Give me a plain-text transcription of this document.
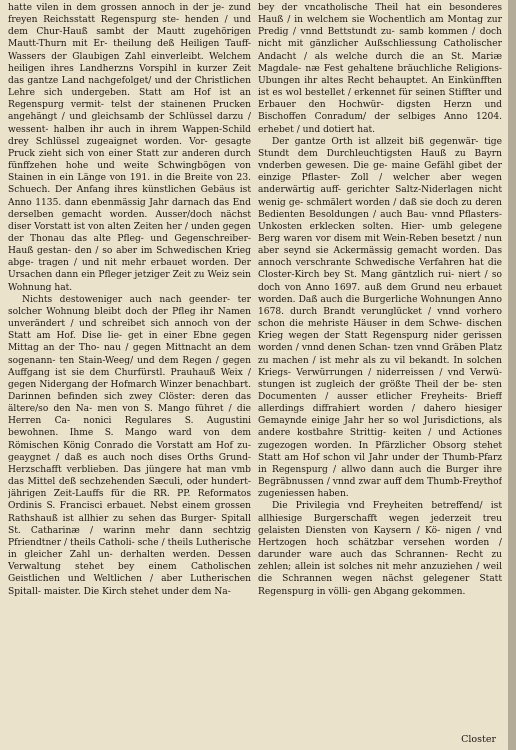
hatte vilen in dem grossen annoch in der je- zund freyen Reichsstatt Regenspurg ste- henden / und dem Chur-Hauß sambt der Mautt zugehörigen Mautt-Thurn mit Er- theilung deß Heiligen Tauff-Wassers der Glaubigen Zahl einverleibt. Welchem heiligen ihres Landherzns Vorspihl in kurzer Zeit das gantze Land nachgefolget/ und der Christlichen Lehre sich undergeben. Statt am Hof ist an Regenspurg vermit- telst der stainenen Prucken angehängt / und gleichsamb der Schlüssel darzu / wessent- halben ihr auch in ihrem Wappen-Schild drey Schlüssel zugeaignet worden. Vor- gesagte Pruck zieht sich von einer Statt zur anderen durch fünffzehen hohe und weite Schwingbögen von Stainen in ein Länge von 191. in die Breite von 23. Schuech. Der Anfang ihres künstlichen Gebäus ist Anno 1135. dann ebenmässig Jahr darnach das End derselben gemacht worden. Ausser/doch nächst diser Vorstatt ist von alten Zeiten her / unden gegen der Thonau das alte Pfleg- und Gegenschreiber-Hauß gestan- den / so aber im Schwedischen Krieg abge- tragen / und nit mehr erbauet worden. Der Ursachen dann ein Pfleger jetziger Zeit zu Weiz sein Wohnung hat.

Nichts destoweniger auch nach geender- ter solcher Wohnung bleibt doch der Pfleg ihr Namen unverändert / und schreibet sich annoch von der Statt am Hof. Dise lie- get in einer Ebne gegen Mittag an der Tho- nau / gegen Mittnacht an dem sogenann- ten Stain-Weeg/ und dem Regen / gegen Auffgang ist sie dem Churfürstl. Prauhauß Weix / gegen Nidergang der Hofmarch Winzer benachbart. Darinnen befinden sich zwey Clöster: deren das ältere/so den Na- men von S. Mango führet / die Herren Ca- nonici Regulares S. Augustini bewohnen. Ihme S. Mango ward von dem Römischen König Conrado die Vorstatt am Hof zu- geaygnet / daß es auch noch dises Orths Grund-Herzschafft verblieben. Das jüngere hat man vmb das Mittel deß sechzehenden Sæculi, oder hundert-jährigen Zeit-Lauffs für die RR. PP. Reformatos Ordinis S. Francisci erbauet. Nebst einem grossen Rathshauß ist allhier zu sehen das Burger- Spitall St. Catharinæ / warinn mehr dann sechtzig Pfriendtner / theils Catholi- sche / theils Lutherische in gleicher Zahl un- derhalten werden. Dessen Verwaltung stehet bey einem Catholischen Geistlichen und Weltlichen / aber Lutherischen Spitall- maister. Die Kirch stehet under dem Na-

bey der vncatholische Theil hat ein besonderes Hauß / in welchem sie Wochentlich am Montag zur Predig / vnnd Bettstundt zu- samb kommen / doch nicht mit gänzlicher Außschliessung Catholischer Andacht / als welche durch die an St. Mariæ Magdale- næ Fest gehaltene bräuchliche Religions- Ubungen ihr altes Recht behauptet. An Einkünfften ist es wol bestellet / erkennet für seinen Stiffter und Erbauer den Hochwür- digsten Herzn und Bischoffen Conradum/ der selbiges Anno 1204. erhebet / und dotiert hat.

Der gantze Orth ist allzeit biß gegenwär- tige Stundt dem Durchleuchtigsten Hauß zu Bayrn vnderben gewesen. Die ge- maine Gefähl gibet der einzige Pflaster- Zoll / welcher aber wegen anderwärtig auff- gerichter Saltz-Niderlagen nicht wenig ge- schmälert worden / daß sie doch zu deren Bedienten Besoldungen / auch Bau- vnnd Pflasters-Unkosten erklecken solten. Hier- umb gelegene Berg waren vor disem mit Wein-Reben besetzt / nun aber seynd sie Ackermässig gemacht worden. Das annoch verschrante Schwedische Verfahren hat die Closter-Kirch bey St. Mang gäntzlich rui- niert / so doch von Anno 1697. auß dem Grund neu erbauet worden. Daß auch die Burgerliche Wohnungen Anno 1678. durch Brandt verunglücket / vnnd vorhero schon die mehriste Häuser in dem Schwe- dischen Krieg wegen der Statt Regenspurg nider gerissen worden / vnnd denen Schan- tzen vnnd Gräben Platz zu machen / ist mehr als zu vil bekandt. In solchen Kriegs- Verwürrungen / niderreissen / vnd Verwü- stungen ist zugleich der größte Theil der be- sten Documenten / ausser etlicher Freyheits- Brieff allerdings diffrahiert worden / dahero hiesiger Gemaynde einige Jahr her so wol Jurisdictions, als andere kostbahre Strittig- keiten / und Actiones zugezogen worden. In Pfärzlicher Obsorg stehet Statt am Hof schon vil Jahr under der Thumb-Pfarz in Regenspurg / allwo dann auch die Burger ihre Begräbnussen / vnnd zwar auff dem Thumb-Freythof zugeniessen haben.

Die Privilegia vnd Freyheiten betreffend/ ist allhiesige Burgerschafft wegen jederzeit treu gelaisten Diensten von Kaysern / Kö- nigen / vnd Hertzogen hoch schätzbar versehen worden / darunder ware auch das Schrannen- Recht zu zehlen; allein ist solches nit mehr anzuziehen / weil die Schrannen wegen nächst gelegener Statt Regenspurg in völli- gen Abgang gekommen.

Closter
